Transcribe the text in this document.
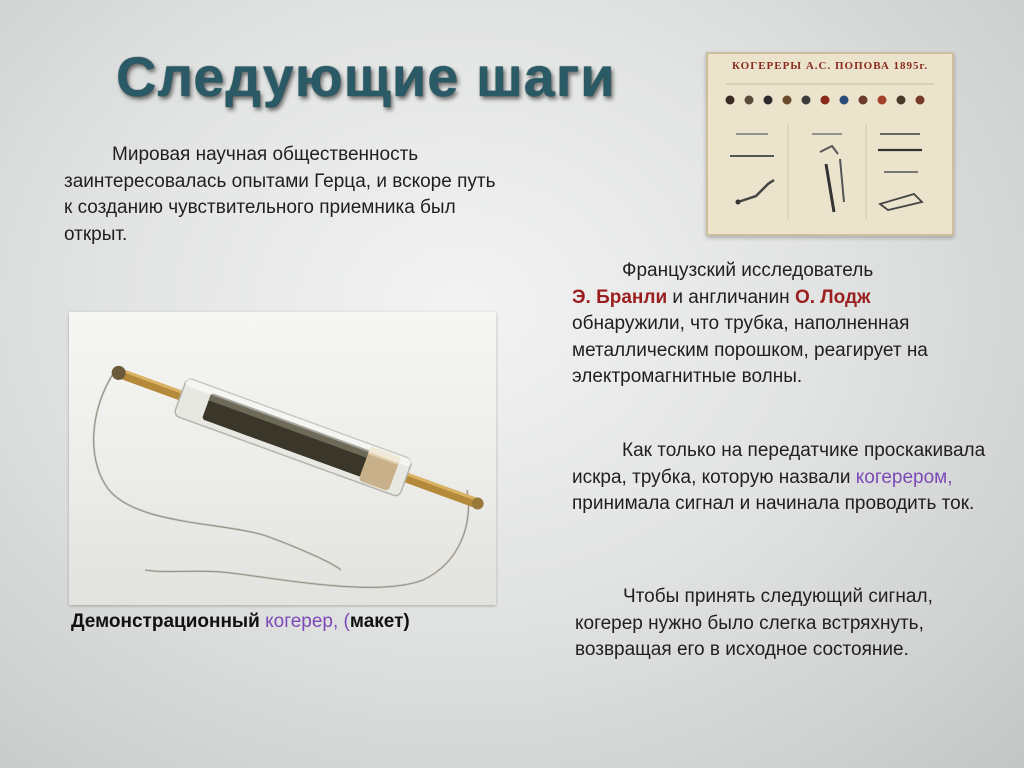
Следующие шаги
Мировая научная общественность заинтересовалась опытами Герца, и вскоре путь к созданию чувствительного приемника был открыт.
КОГЕРЕРЫ А.С. ПОПОВА 1895г.
Французский исследователь
Э. Бранли и англичанин О. Лодж
обнаружили, что трубка, наполненная металлическим порошком, реагирует на электромагнитные волны.
Как только на передатчике проскакивала искра, трубка, которую назвали когерером, принимала сигнал и начинала проводить ток.
Чтобы принять следующий сигнал, когерер нужно было слегка встряхнуть, возвращая его в исходное состояние.
Демонстрационный когерер, (макет)
